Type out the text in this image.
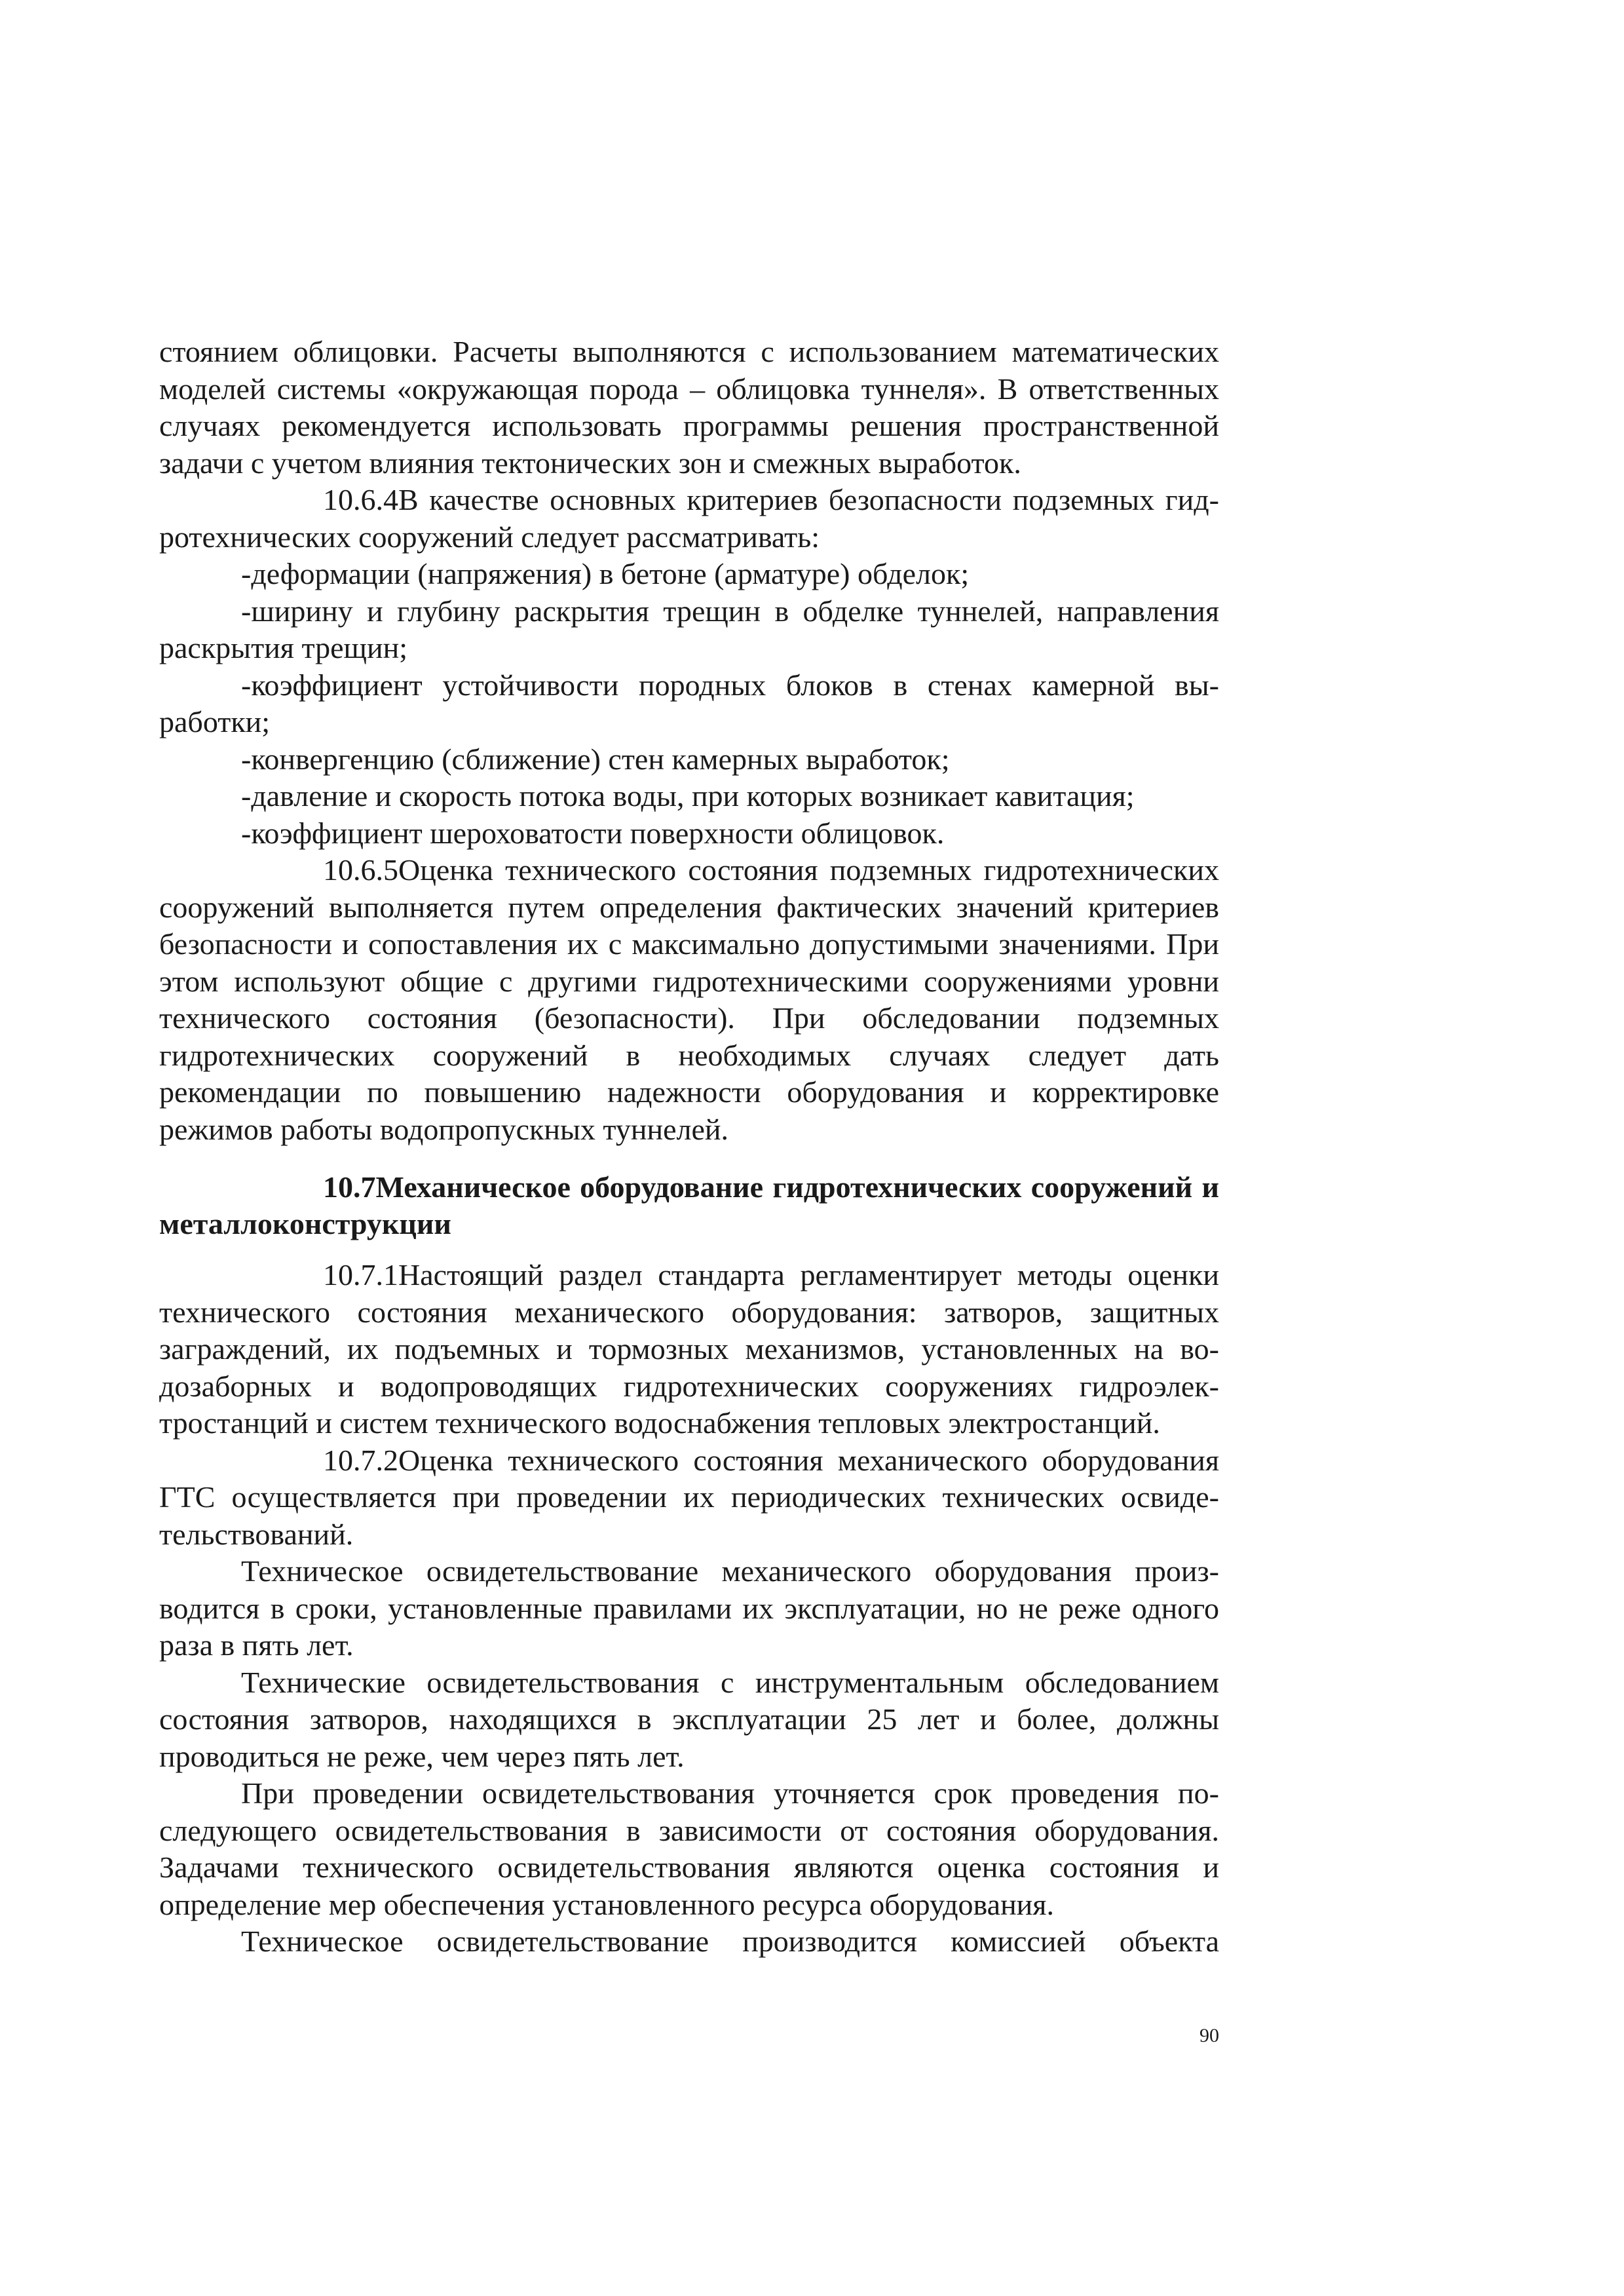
стоянием облицовки. Расчеты выполняются с использованием математических моделей системы «окружающая порода – облицовка туннеля». В ответственных случаях рекомендуется использовать программы решения пространственной задачи с учетом влияния тектонических зон и смежных выработок.

10.6.4В качестве основных критериев безопасности подземных гидротехнических сооружений следует рассматривать:

-деформации (напряжения) в бетоне (арматуре) обделок;

-ширину и глубину раскрытия трещин в обделке туннелей, направления раскрытия трещин;

-коэффициент устойчивости породных блоков в стенах камерной выработки;

-конвергенцию (сближение) стен камерных выработок;

-давление и скорость потока воды, при которых возникает кавитация;

-коэффициент шероховатости поверхности облицовок.

10.6.5Оценка технического состояния подземных гидротехнических сооружений выполняется путем определения фактических значений критериев безопасности и сопоставления их с максимально допустимыми значениями. При этом используют общие с другими гидротехническими сооружениями уровни технического состояния (безопасности). При обследовании подземных гидротехнических сооружений в необходимых случаях следует дать рекомендации по повышению надежности оборудования и корректировке режимов работы водопропускных туннелей.

10.7Механическое оборудование гидротехнических сооружений и металлоконструкции

10.7.1Настоящий раздел стандарта регламентирует методы оценки технического состояния механического оборудования: затворов, защитных заграждений, их подъемных и тормозных механизмов, установленных на водозаборных и водопроводящих гидротехнических сооружениях гидроэлектростанций и систем технического водоснабжения тепловых электростанций.

10.7.2Оценка технического состояния механического оборудования ГТС осуществляется при проведении их периодических технических освидетельствований.

Техническое освидетельствование механического оборудования производится в сроки, установленные правилами их эксплуатации, но не реже одного раза в пять лет.

Технические освидетельствования с инструментальным обследованием состояния затворов, находящихся в эксплуатации 25 лет и более, должны проводиться не реже, чем через пять лет.

При проведении освидетельствования уточняется срок проведения последующего освидетельствования в зависимости от состояния оборудования. Задачами технического освидетельствования являются оценка состояния и определение мер обеспечения установленного ресурса оборудования.

Техническое освидетельствование производится комиссией объекта

90
